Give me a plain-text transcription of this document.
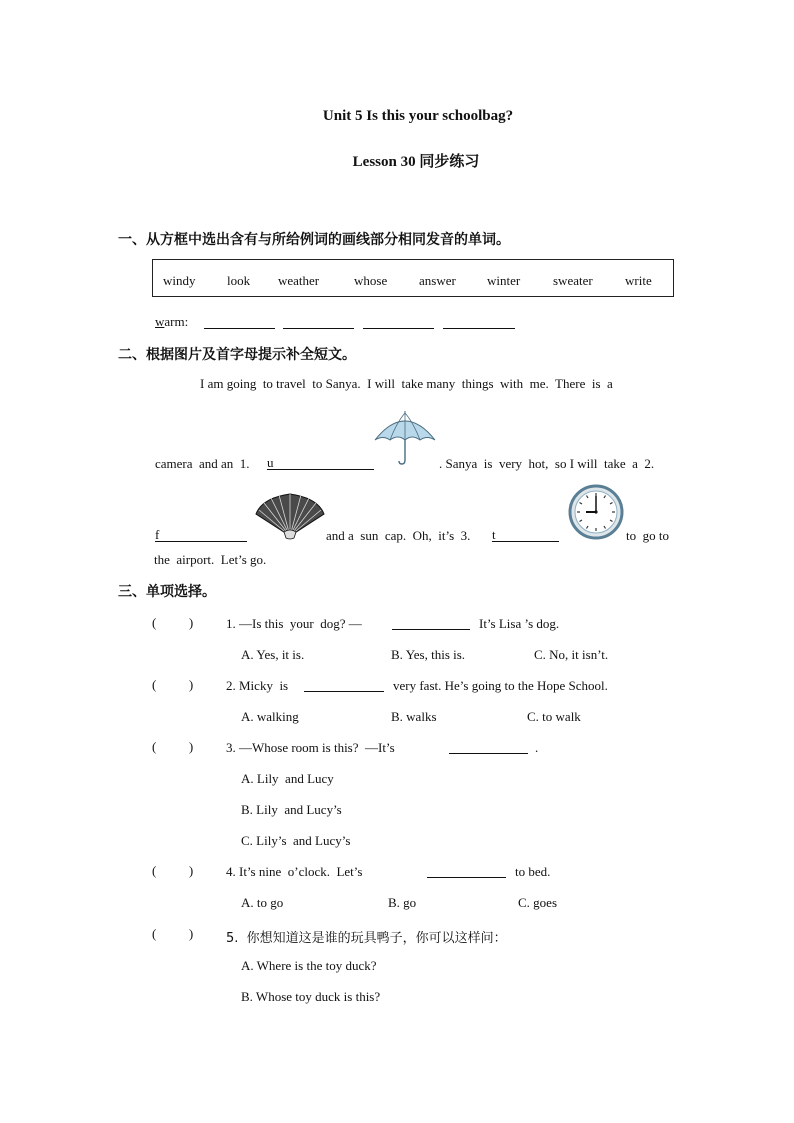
Unit 5 Is this your schoolbag?
Lesson 30 同步练习
一、从方框中选出含有与所给例词的画线部分相同发音的单词。
windy look weather	whose answer winter	sweater write
warm:
二、根据图片及首字母提示补全短文。
I am going  to travel  to Sanya.  I will  take many  things  with  me.  There  is  a
camera  and an  1. u	. Sanya  is  very  hot,  so I will  take  a  2.
f	and a  sun  cap.  Oh,  it’s  3. t	to  go to
the  airport.  Let’s go.
三、单项选择。
(          )	1. —Is this  your  dog? —	It’s Lisa ’s dog.
A. Yes, it is.	B. Yes, this is.	C. No, it isn’t.
(          )	2. Micky  is	very fast. He’s going to the Hope School.
A. walking	B. walks	C. to walk
(          )	3. —Whose room is this?  —It’s	.
A. Lily  and Lucy
B. Lily  and Lucy’s
C. Lily’s  and Lucy’s
(          )	4. It’s nine  o’clock.  Let’s	to bed.
A. to go	B. go	C. goes
(          )	5.  你想知道这是谁的玩具鸭子，你可以这样问：
A. Where is the toy duck?
B. Whose toy duck is this?
